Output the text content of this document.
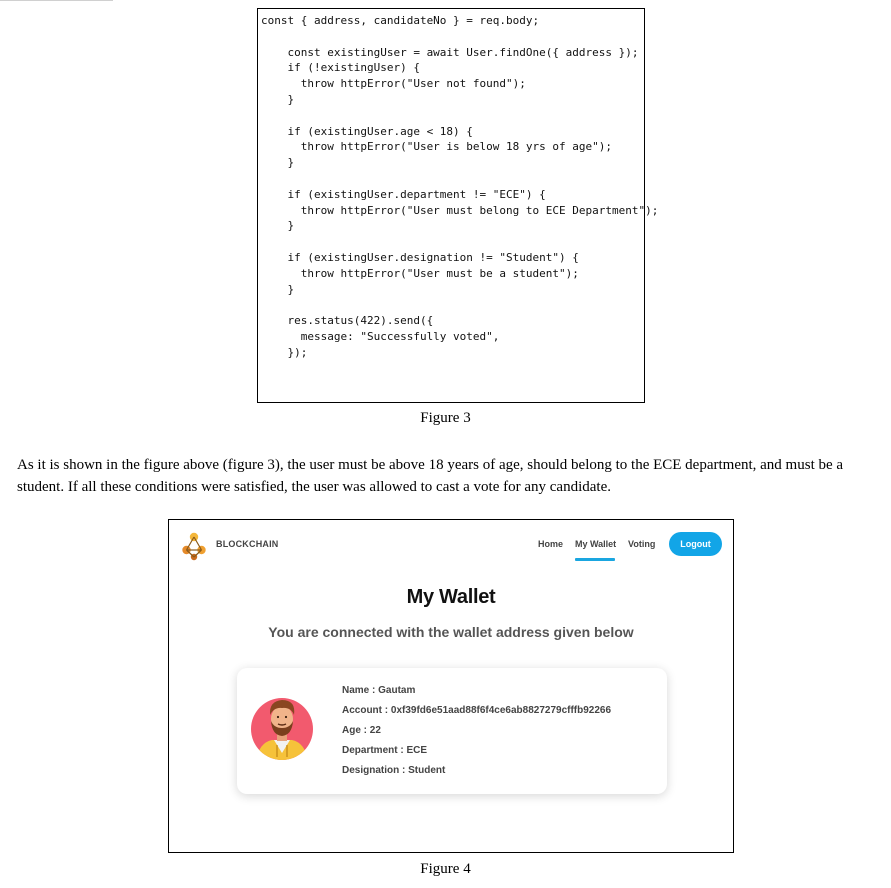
const { address, candidateNo } = req.body;
const existingUser = await User.findOne({ address });
if (!existingUser) {
throw httpError("User not found");
}
if (existingUser.age < 18) {
throw httpError("User is below 18 yrs of age");
}
if (existingUser.department != "ECE") {
throw httpError("User must belong to ECE Department");
}
if (existingUser.designation != "Student") {
throw httpError("User must be a student");
}
res.status(422).send({
message: "Successfully voted",
});
Figure 3

As it is shown in the figure above (figure 3), the user must be above 18 years of age, should belong to the ECE department, and must be a student. If all these conditions were satisfied, the user was allowed to cast a vote for any candidate.

BLOCKCHAIN	Home My Wallet Voting	Logout
My Wallet
You are connected with the wallet address given below
Name : Gautam
Account : 0xf39fd6e51aad88f6f4ce6ab8827279cfffb92266
Age : 22
Department : ECE
Designation : Student
Figure 4
